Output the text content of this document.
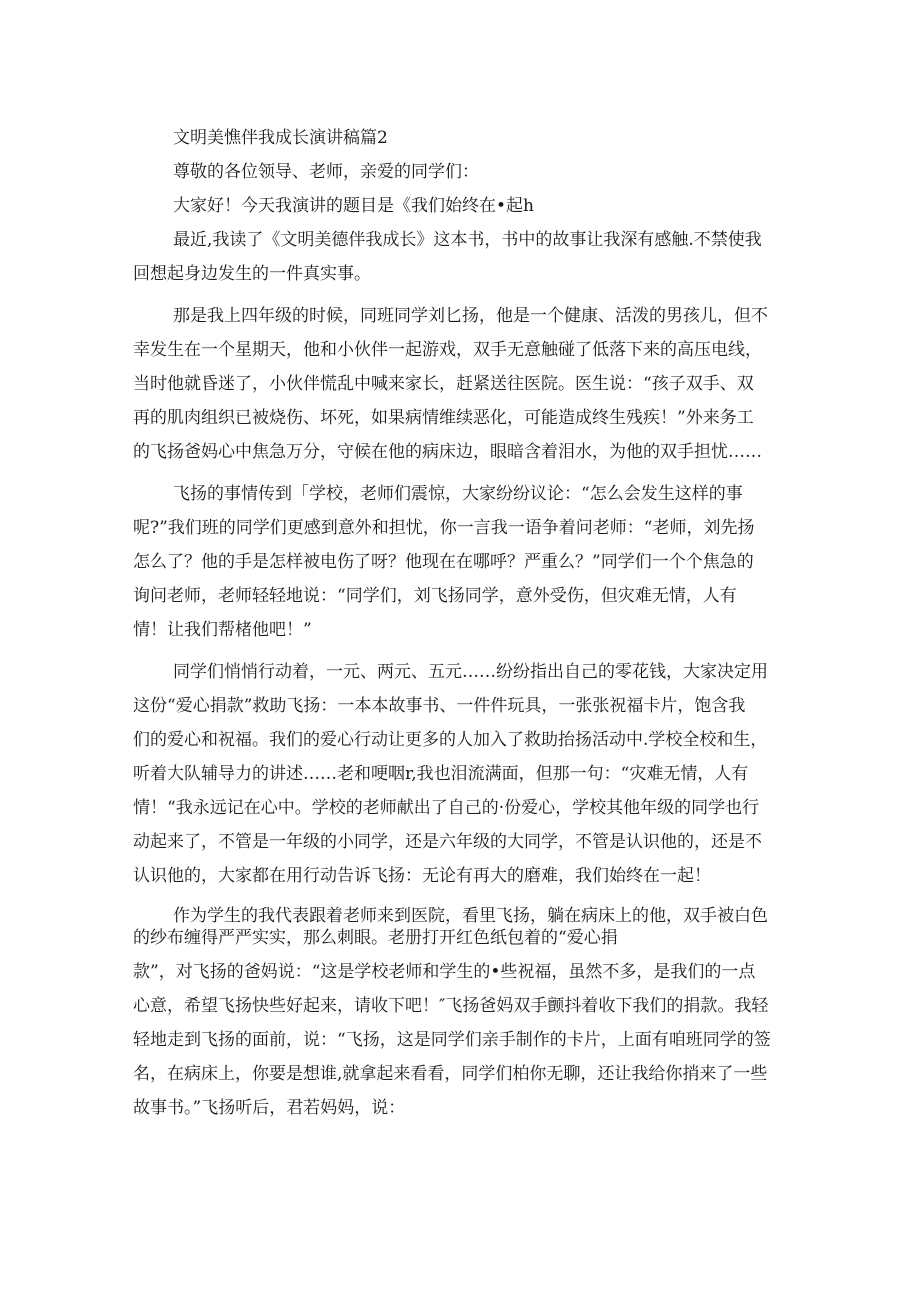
文明美憔伴我成长演讲稿篇2

尊敬的各位领导、老师，亲爱的同学们：

大家好！今天我演讲的题目是《我们始终在•起h

最近,我读了《文明美德伴我成长》这本书，书中的故事让我深有感触.不禁使我
回想起身边发生的一件真实事。
那是我上四年级的时候，同班同学刘匕扬，他是一个健康、活泼的男孩儿，但不
幸发生在一个星期天，他和小伙伴一起游戏，双手无意触碰了低落下来的高压电线，
当时他就昏迷了，小伙伴慌乱中喊来家长，赶紧送往医院。医生说：“孩子双手、双
再的肌肉组织已被烧伤、坏死，如果病情维续恶化，可能造成终生残疾！”外来务工
的飞扬爸妈心中焦急万分，守候在他的病床边，眼暗含着泪水，为他的双手担忧……
飞扬的事情传到「学校，老师们震惊，大家纷纷议论：“怎么会发生这样的事
呢?”我们班的同学们更感到意外和担忧，你一言我一语争着问老师：“老师，刘先扬
怎么了？他的手是怎样被电伤了呀？他现在在哪呼？严重么？”同学们一个个焦急的
询问老师，老师轻轻地说：“同学们，刘飞扬同学，意外受伤，但灾难无情，人有
情！让我们帮楮他吧！”
同学们悄悄行动着，一元、两元、五元……纷纷指出自己的零花钱，大家决定用
这份“爱心捐款”救助飞扬：一本本故事书、一件件玩具，一张张祝福卡片，饱含我
们的爱心和祝福。我们的爱心行动让更多的人加入了救助抬扬活动中.学校全校和生，
听着大队辅导力的讲述……老和哽咽r,我也泪流满面，但那一句：“灾难无情，人有
情！“我永远记在心中。学校的老师献出了自己的·份爱心，学校其他年级的同学也行
动起来了，不管是一年级的小同学，还是六年级的大同学，不管是认识他的，还是不
认识他的，大家都在用行动告诉飞扬：无论有再大的磨难，我们始终在一起！
作为学生的我代表跟着老师来到医院，看里飞扬，躺在病床上的他，双手被白色
的纱布缠得严严实实，那么刺眼。老册打开红色纸包着的“爱心捐
款”，对飞扬的爸妈说：“这是学校老师和学生的•些祝福，虽然不多，是我们的一点
心意，希望飞扬快些好起来，请收下吧！″飞扬爸妈双手颤抖着收下我们的捐款。我轻
轻地走到飞扬的面前，说：“飞扬，这是同学们亲手制作的卡片，上面有咱班同学的签
名，在病床上，你要是想谁,就拿起来看看，同学们柏你无聊，还让我给你捎来了一些
故事书。”飞扬听后，君若妈妈，说：
